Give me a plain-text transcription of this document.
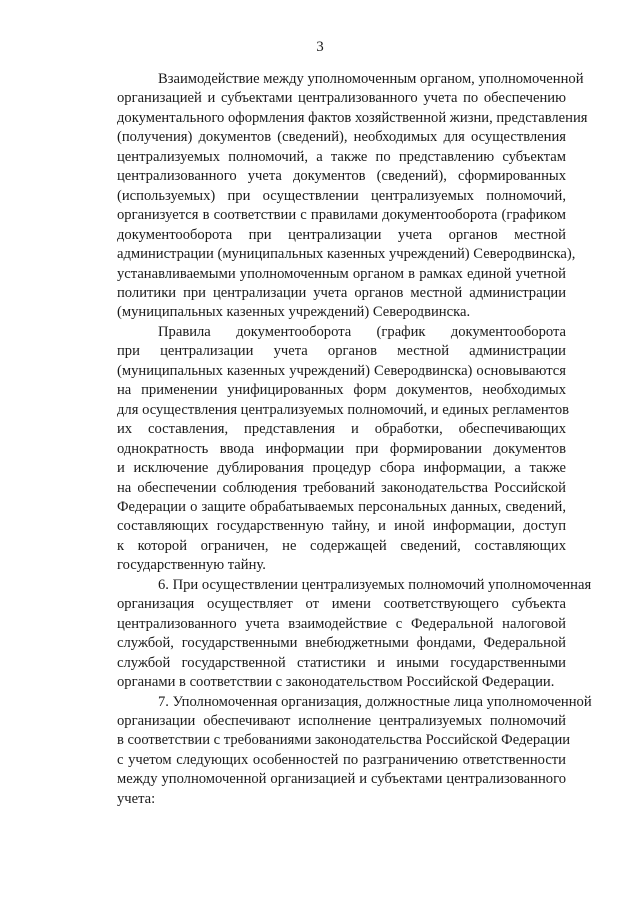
3
Взаимодействие между уполномоченным органом, уполномоченной
организацией и субъектами централизованного учета по обеспечению
документального оформления фактов хозяйственной жизни, представления
(получения) документов (сведений), необходимых для осуществления
централизуемых полномочий, а также по представлению субъектам
централизованного учета документов (сведений), сформированных
(используемых) при осуществлении централизуемых полномочий,
организуется в соответствии с правилами документооборота (графиком
документооборота при централизации учета органов местной
администрации (муниципальных казенных учреждений) Северодвинска),
устанавливаемыми уполномоченным органом в рамках единой учетной
политики при централизации учета органов местной администрации
(муниципальных казенных учреждений) Северодвинска.
Правила документооборота (график документооборота
при централизации учета органов местной администрации
(муниципальных казенных учреждений) Северодвинска) основываются
на применении унифицированных форм документов, необходимых
для осуществления централизуемых полномочий, и единых регламентов
их составления, представления и обработки, обеспечивающих
однократность ввода информации при формировании документов
и исключение дублирования процедур сбора информации, а также
на обеспечении соблюдения требований законодательства Российской
Федерации о защите обрабатываемых персональных данных, сведений,
составляющих государственную тайну, и иной информации, доступ
к которой ограничен, не содержащей сведений, составляющих
государственную тайну.
6. При осуществлении централизуемых полномочий уполномоченная
организация осуществляет от имени соответствующего субъекта
централизованного учета взаимодействие с Федеральной налоговой
службой, государственными внебюджетными фондами, Федеральной
службой государственной статистики и иными государственными
органами в соответствии с законодательством Российской Федерации.
7. Уполномоченная организация, должностные лица уполномоченной
организации обеспечивают исполнение централизуемых полномочий
в соответствии с требованиями законодательства Российской Федерации
с учетом следующих особенностей по разграничению ответственности
между уполномоченной организацией и субъектами централизованного
учета:
